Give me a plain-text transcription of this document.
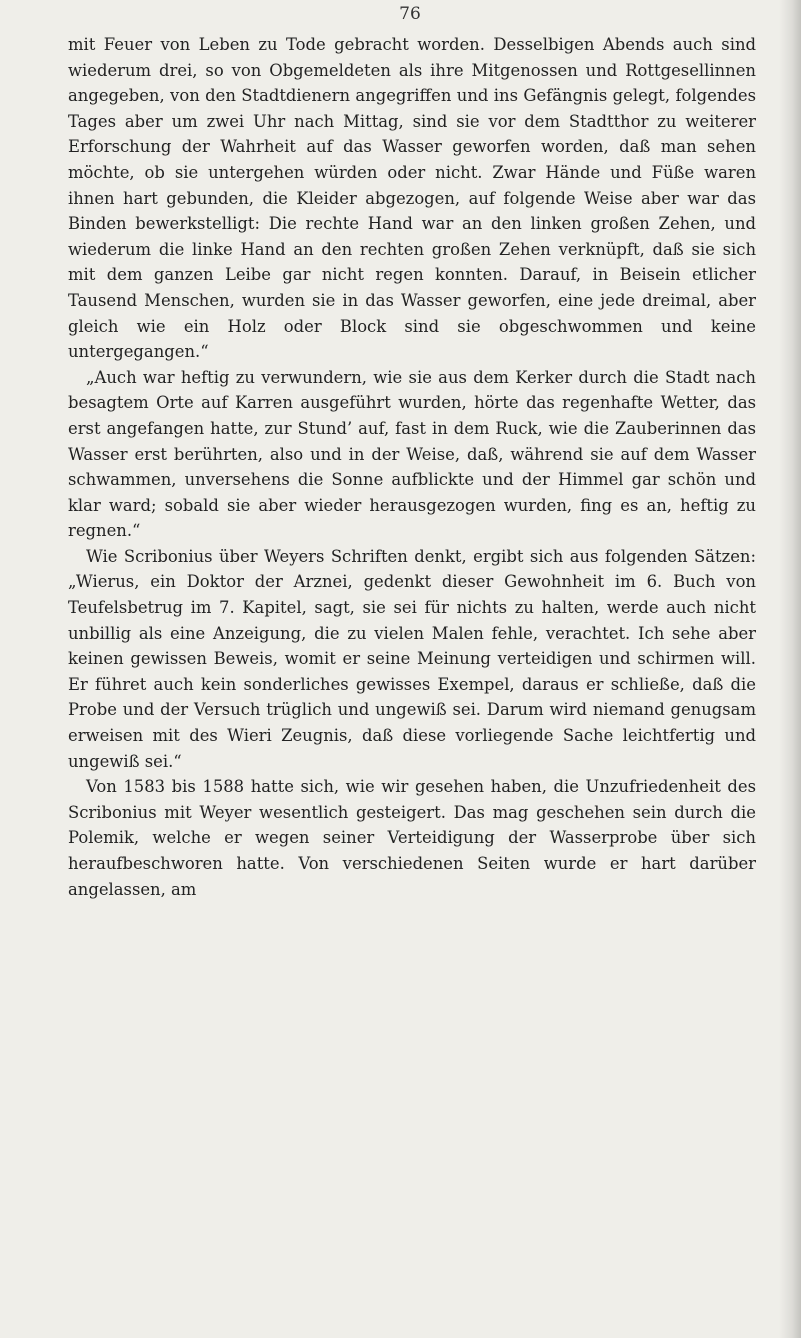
76

mit Feuer von Leben zu Tode gebracht worden. Desselbigen Abends auch sind wiederum drei, so von Obgemeldeten als ihre Mitgenossen und Rottgesellinnen angegeben, von den Stadtdienern angegriffen und ins Gefängnis gelegt, folgendes Tages aber um zwei Uhr nach Mittag, sind sie vor dem Stadtthor zu weiterer Erforschung der Wahrheit auf das Wasser geworfen worden, daß man sehen möchte, ob sie untergehen würden oder nicht. Zwar Hände und Füße waren ihnen hart gebunden, die Kleider abgezogen, auf folgende Weise aber war das Binden bewerkstelligt: Die rechte Hand war an den linken großen Zehen, und wiederum die linke Hand an den rechten großen Zehen verknüpft, daß sie sich mit dem ganzen Leibe gar nicht regen konnten. Darauf, in Beisein etlicher Tausend Menschen, wurden sie in das Wasser geworfen, eine jede dreimal, aber gleich wie ein Holz oder Block sind sie obgeschwommen und keine untergegangen.“

„Auch war heftig zu verwundern, wie sie aus dem Kerker durch die Stadt nach besagtem Orte auf Karren ausgeführt wurden, hörte das regenhafte Wetter, das erst angefangen hatte, zur Stund’ auf, fast in dem Ruck, wie die Zauberinnen das Wasser erst berührten, also und in der Weise, daß, während sie auf dem Wasser schwammen, unversehens die Sonne aufblickte und der Himmel gar schön und klar ward; sobald sie aber wieder herausgezogen wurden, fing es an, heftig zu regnen.“

Wie Scribonius über Weyers Schriften denkt, ergibt sich aus folgenden Sätzen: „Wierus, ein Doktor der Arznei, gedenkt dieser Gewohnheit im 6. Buch von Teufelsbetrug im 7. Kapitel, sagt, sie sei für nichts zu halten, werde auch nicht unbillig als eine Anzeigung, die zu vielen Malen fehle, verachtet. Ich sehe aber keinen gewissen Beweis, womit er seine Meinung verteidigen und schirmen will. Er führet auch kein sonderliches gewisses Exempel, daraus er schließe, daß die Probe und der Versuch trüglich und ungewiß sei. Darum wird niemand genugsam erweisen mit des Wieri Zeugnis, daß diese vorliegende Sache leichtfertig und ungewiß sei.“

Von 1583 bis 1588 hatte sich, wie wir gesehen haben, die Unzufriedenheit des Scribonius mit Weyer wesentlich gesteigert. Das mag geschehen sein durch die Polemik, welche er wegen seiner Verteidigung der Wasserprobe über sich heraufbeschworen hatte. Von verschiedenen Seiten wurde er hart darüber angelassen, am
